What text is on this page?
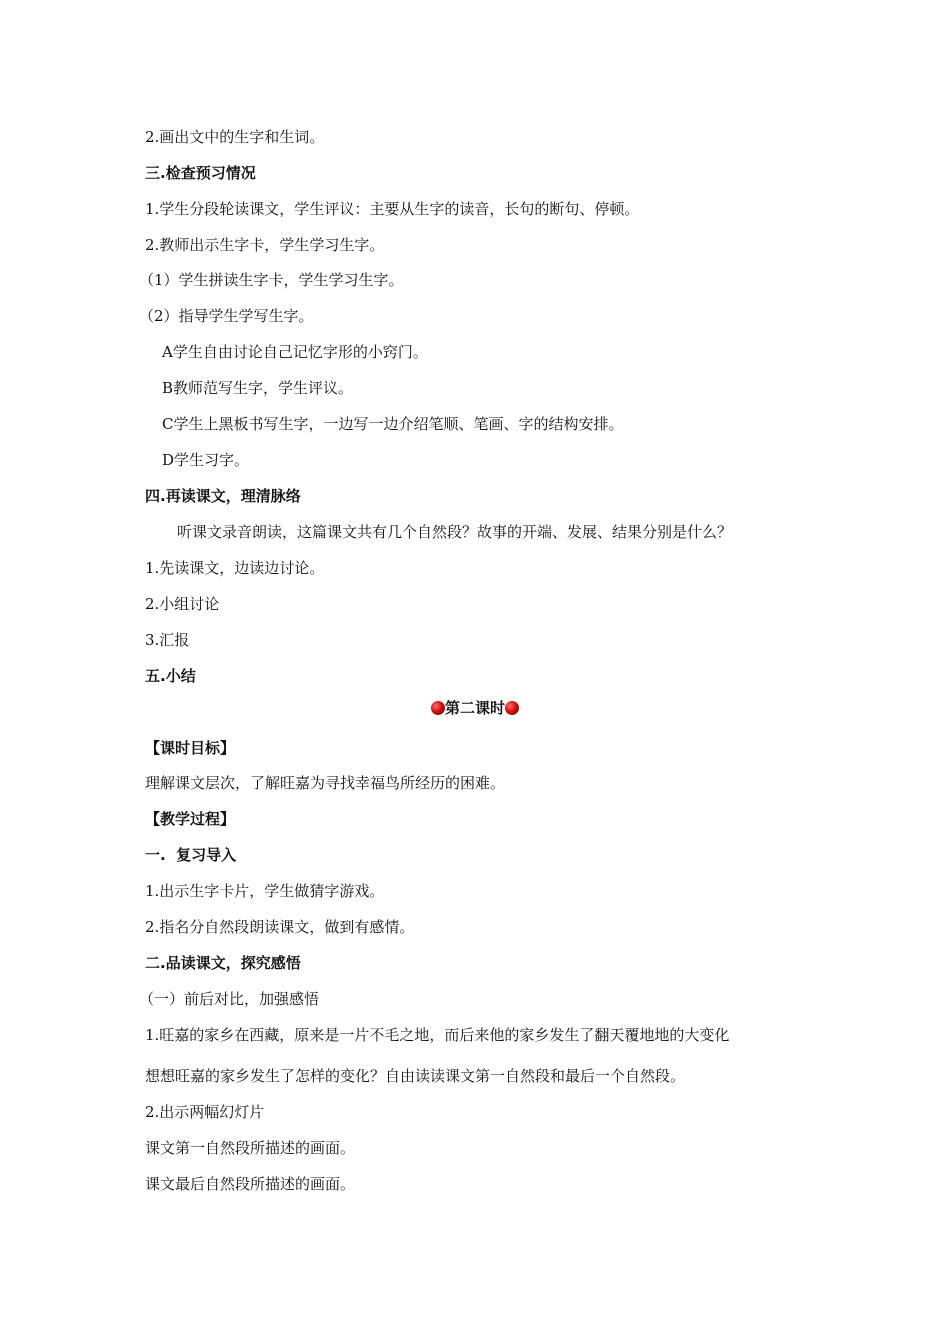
2.画出文中的生字和生词。
三.检查预习情况
1.学生分段轮读课文，学生评议：主要从生字的读音，长句的断句、停顿。
2.教师出示生字卡，学生学习生字。
（1）学生拼读生字卡，学生学习生字。
（2）指导学生学写生字。
A学生自由讨论自己记忆字形的小窍门。
B教师范写生字，学生评议。
C学生上黑板书写生字，一边写一边介绍笔顺、笔画、字的结构安排。
D学生习字。
四.再读课文，理清脉络
听课文录音朗读，这篇课文共有几个自然段？故事的开端、发展、结果分别是什么？
1.先读课文，边读边讨论。
2.小组讨论
3.汇报
五.小结
第二课时
【课时目标】
理解课文层次，了解旺嘉为寻找幸福鸟所经历的困难。
【教学过程】
一.  复习导入
1.出示生字卡片，学生做猜字游戏。
2.指名分自然段朗读课文，做到有感情。
二.品读课文，探究感悟
（一）前后对比，加强感悟
1.旺嘉的家乡在西藏，原来是一片不毛之地，而后来他的家乡发生了翻天覆地地的大变化
想想旺嘉的家乡发生了怎样的变化？自由读读课文第一自然段和最后一个自然段。
2.出示两幅幻灯片
课文第一自然段所描述的画面。
课文最后自然段所描述的画面。
